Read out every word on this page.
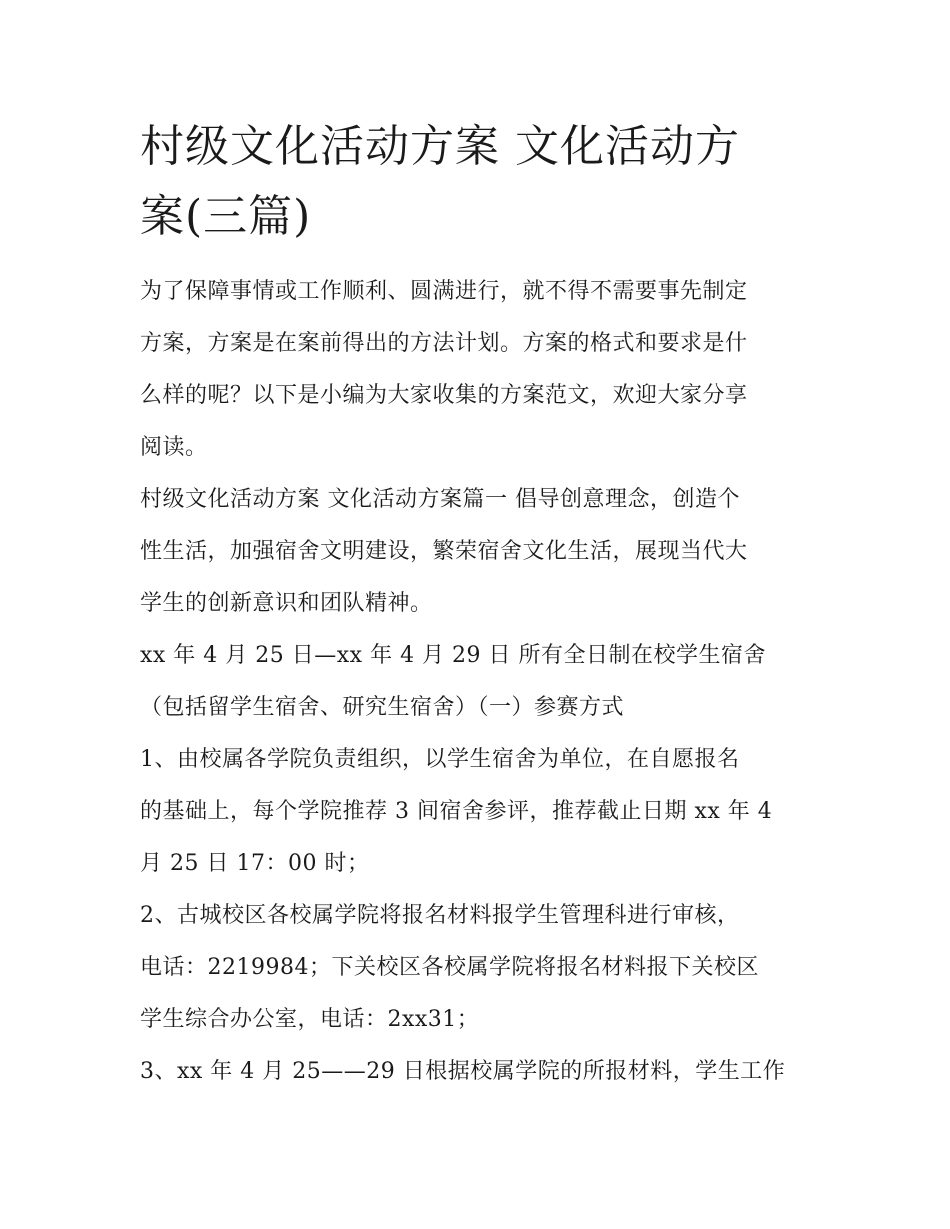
村级文化活动方案 文化活动方
案(三篇)

为了保障事情或工作顺利、圆满进行，就不得不需要事先制定
方案，方案是在案前得出的方法计划。方案的格式和要求是什
么样的呢？以下是小编为大家收集的方案范文，欢迎大家分享
阅读。

村级文化活动方案 文化活动方案篇一 倡导创意理念，创造个
性生活，加强宿舍文明建设，繁荣宿舍文化生活，展现当代大
学生的创新意识和团队精神。

xx 年 4 月 25 日—xx 年 4 月 29 日 所有全日制在校学生宿舍
（包括留学生宿舍、研究生宿舍）（一）参赛方式

1、由校属各学院负责组织，以学生宿舍为单位，在自愿报名
的基础上，每个学院推荐 3 间宿舍参评，推荐截止日期 xx 年 4
月 25 日 17：00 时；

2、古城校区各校属学院将报名材料报学生管理科进行审核，
电话：2219984；下关校区各校属学院将报名材料报下关校区
学生综合办公室，电话：2xx31；

3、xx 年 4 月 25——29 日根据校属学院的所报材料，学生工作
